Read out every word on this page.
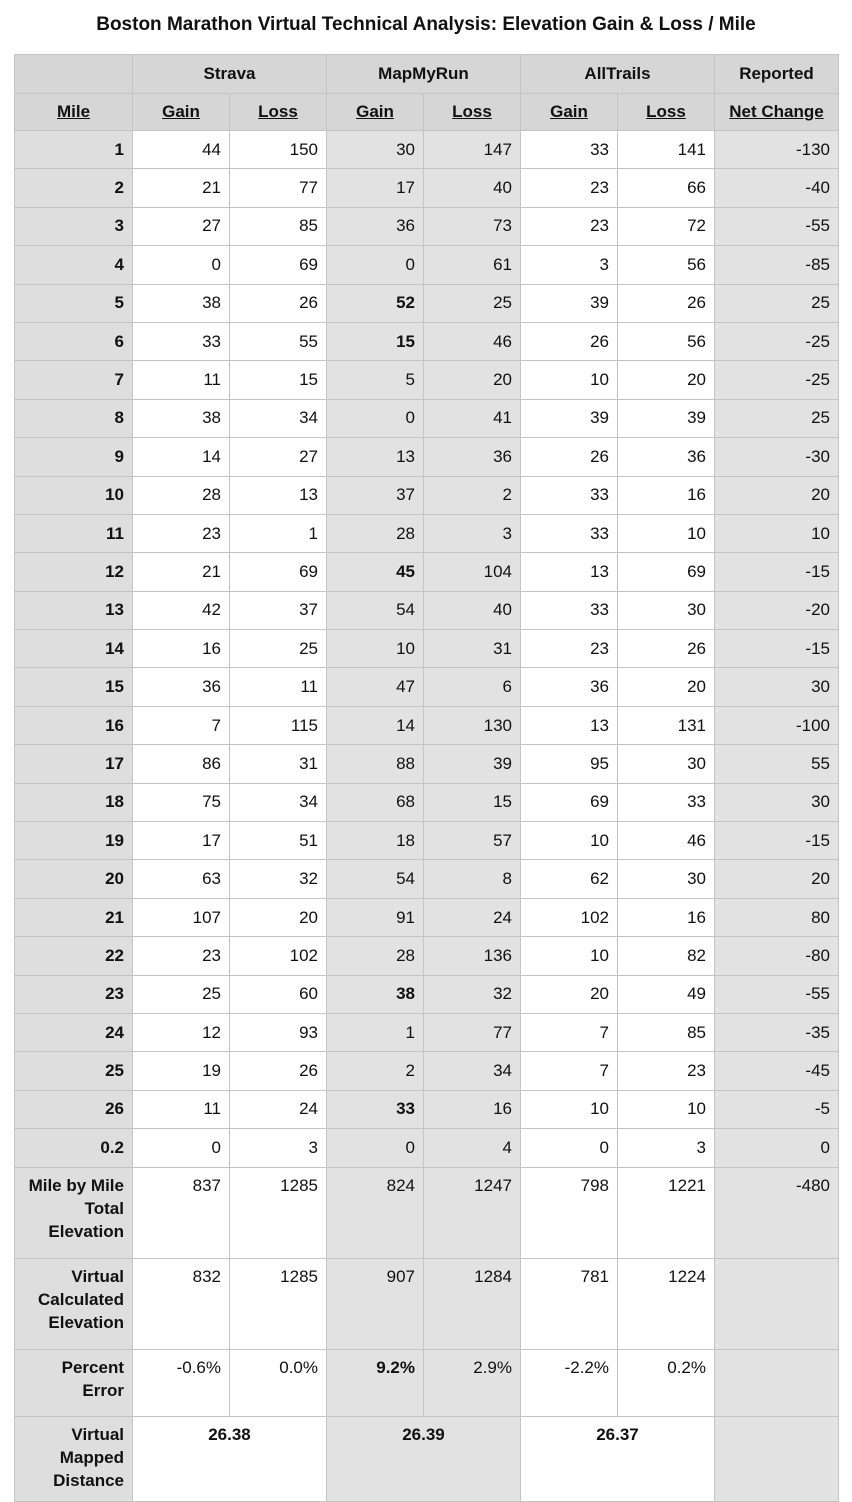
Boston Marathon Virtual Technical Analysis: Elevation Gain & Loss / Mile
	Strava		MapMyRun		AllTrails		Reported
Mile	Gain	Loss	Gain	Loss	Gain	Loss	Net Change
1	44	150	30	147	33	141	-130
2	21	77	17	40	23	66	-40
3	27	85	36	73	23	72	-55
4	0	69	0	61	3	56	-85
5	38	26	52	25	39	26	25
6	33	55	15	46	26	56	-25
7	11	15	5	20	10	20	-25
8	38	34	0	41	39	39	25
9	14	27	13	36	26	36	-30
10	28	13	37	2	33	16	20
11	23	1	28	3	33	10	10
12	21	69	45	104	13	69	-15
13	42	37	54	40	33	30	-20
14	16	25	10	31	23	26	-15
15	36	11	47	6	36	20	30
16	7	115	14	130	13	131	-100
17	86	31	88	39	95	30	55
18	75	34	68	15	69	33	30
19	17	51	18	57	10	46	-15
20	63	32	54	8	62	30	20
21	107	20	91	24	102	16	80
22	23	102	28	136	10	82	-80
23	25	60	38	32	20	49	-55
24	12	93	1	77	7	85	-35
25	19	26	2	34	7	23	-45
26	11	24	33	16	10	10	-5
0.2	0	3	0	4	0	3	0
Mile by Mile Total Elevation	837	1285	824	1247	798	1221	-480
Virtual Calculated Elevation	832	1285	907	1284	781	1224	
Percent Error	-0.6%	0.0%	9.2%	2.9%	-2.2%	0.2%	
Virtual Mapped Distance	26.38		26.39		26.37		
